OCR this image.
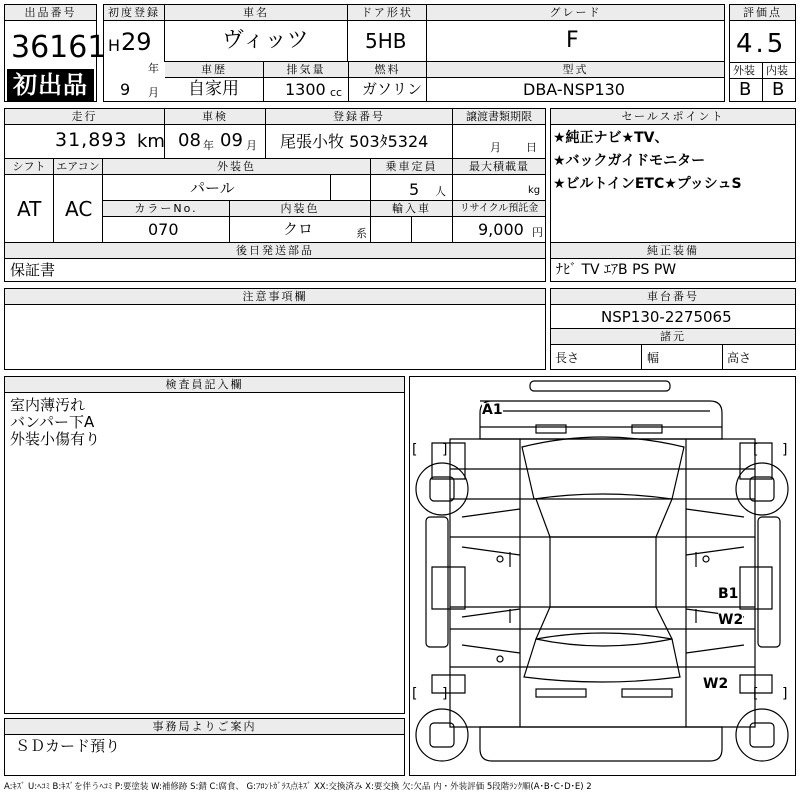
出品番号
36161
初出品
初度登録	車名	ドア形状	グレード
H 29
年
ヴィッツ	5HB	F
車歴	排気量	燃料	型式
9 月 自家用	1300 cc ガソリン	DBA-NSP130
評価点
4.5
外装 内装
B B
走行	車検	登録番号	譲渡書類期限
31,893 km 08 年 09 月 尾張小牧 503ﾀ5324	月 日
シフト エアコン	外装色	乗車定員	最大積載量
AT AC
パール	5 人	kg
カラーNo.	内装色	輸入車	リサイクル預託金
070	クロ	系	9,000 円
後日発送部品
保証書
セールスポイント
★純正ナビ★TV、
★バックガイドモニター
★ビルトインETC★プッシュS
純正装備
ﾅﾋﾞ TV ｴｱB PS PW
注意事項欄	車台番号
NSP130-2275065
諸元
長さ	幅	高さ
検査員記入欄
室内薄汚れ
バンパー下A
外装小傷有り
事務局よりご案内
ＳＤカード預り
A1
B1
W2
W2
[ ]	[ ]
[ ]	[ ]
A:ｷｽﾞ U:ﾍｺﾐ B:ｷｽﾞを伴うﾍｺﾐ P:要塗装 W:補修跡 S:錆 C:腐食、 G:ﾌﾛﾝﾄｶﾞﾗｽ点ｷｽﾞ XX:交換済み X:要交換 欠:欠品 内・外装評価 5段階ﾗﾝｸ順(A･B･C･D･E) 2
